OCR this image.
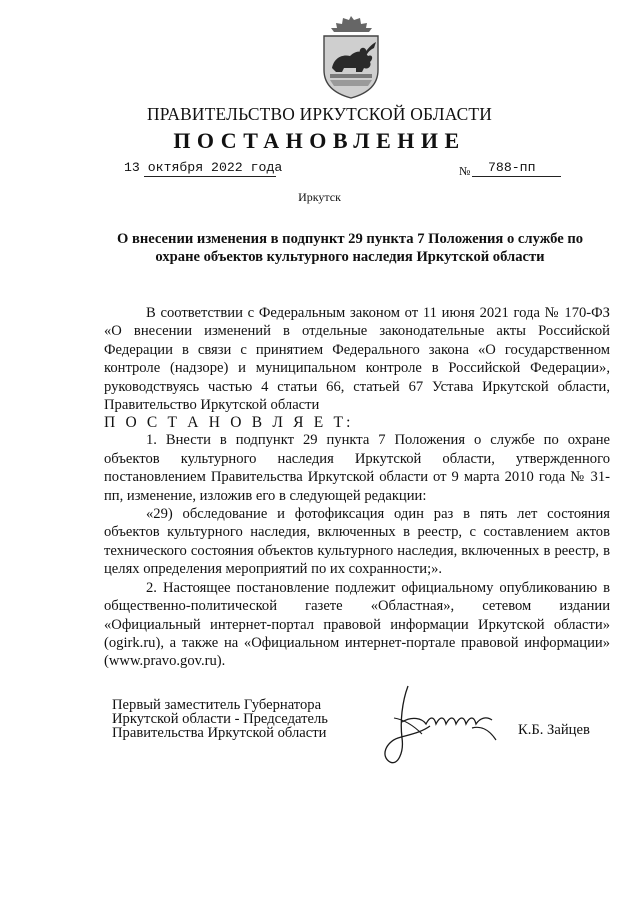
ПРАВИТЕЛЬСТВО ИРКУТСКОЙ ОБЛАСТИ
ПОСТАНОВЛЕНИЕ
13 октября 2022 года	№ 788-пп
Иркутск
О внесении изменения в подпункт 29 пункта 7 Положения о службе по охране объектов культурного наследия Иркутской области

В соответствии с Федеральным законом от 11 июня 2021 года № 170-ФЗ «О внесении изменений в отдельные законодательные акты Российской Федерации в связи с принятием Федерального закона «О государственном контроле (надзоре) и муниципальном контроле в Российской Федерации», руководствуясь частью 4 статьи 66, статьей 67 Устава Иркутской области, Правительство Иркутской области

П О С Т А Н О В Л Я Е Т:

1. Внести в подпункт 29 пункта 7 Положения о службе по охране объектов культурного наследия Иркутской области, утвержденного постановлением Правительства Иркутской области от 9 марта 2010 года № 31-пп, изменение, изложив его в следующей редакции:

«29) обследование и фотофиксация один раз в пять лет состояния объектов культурного наследия, включенных в реестр, с составлением актов технического состояния объектов культурного наследия, включенных в реестр, в целях определения мероприятий по их сохранности;».

2. Настоящее постановление подлежит официальному опубликованию в общественно-политической газете «Областная», сетевом издании «Официальный интернет-портал правовой информации Иркутской области» (ogirk.ru), а также на «Официальном интернет-портале правовой информации» (www.pravo.gov.ru).

Первый заместитель Губернатора
Иркутской области - Председатель
Правительства Иркутской области	К.Б. Зайцев
